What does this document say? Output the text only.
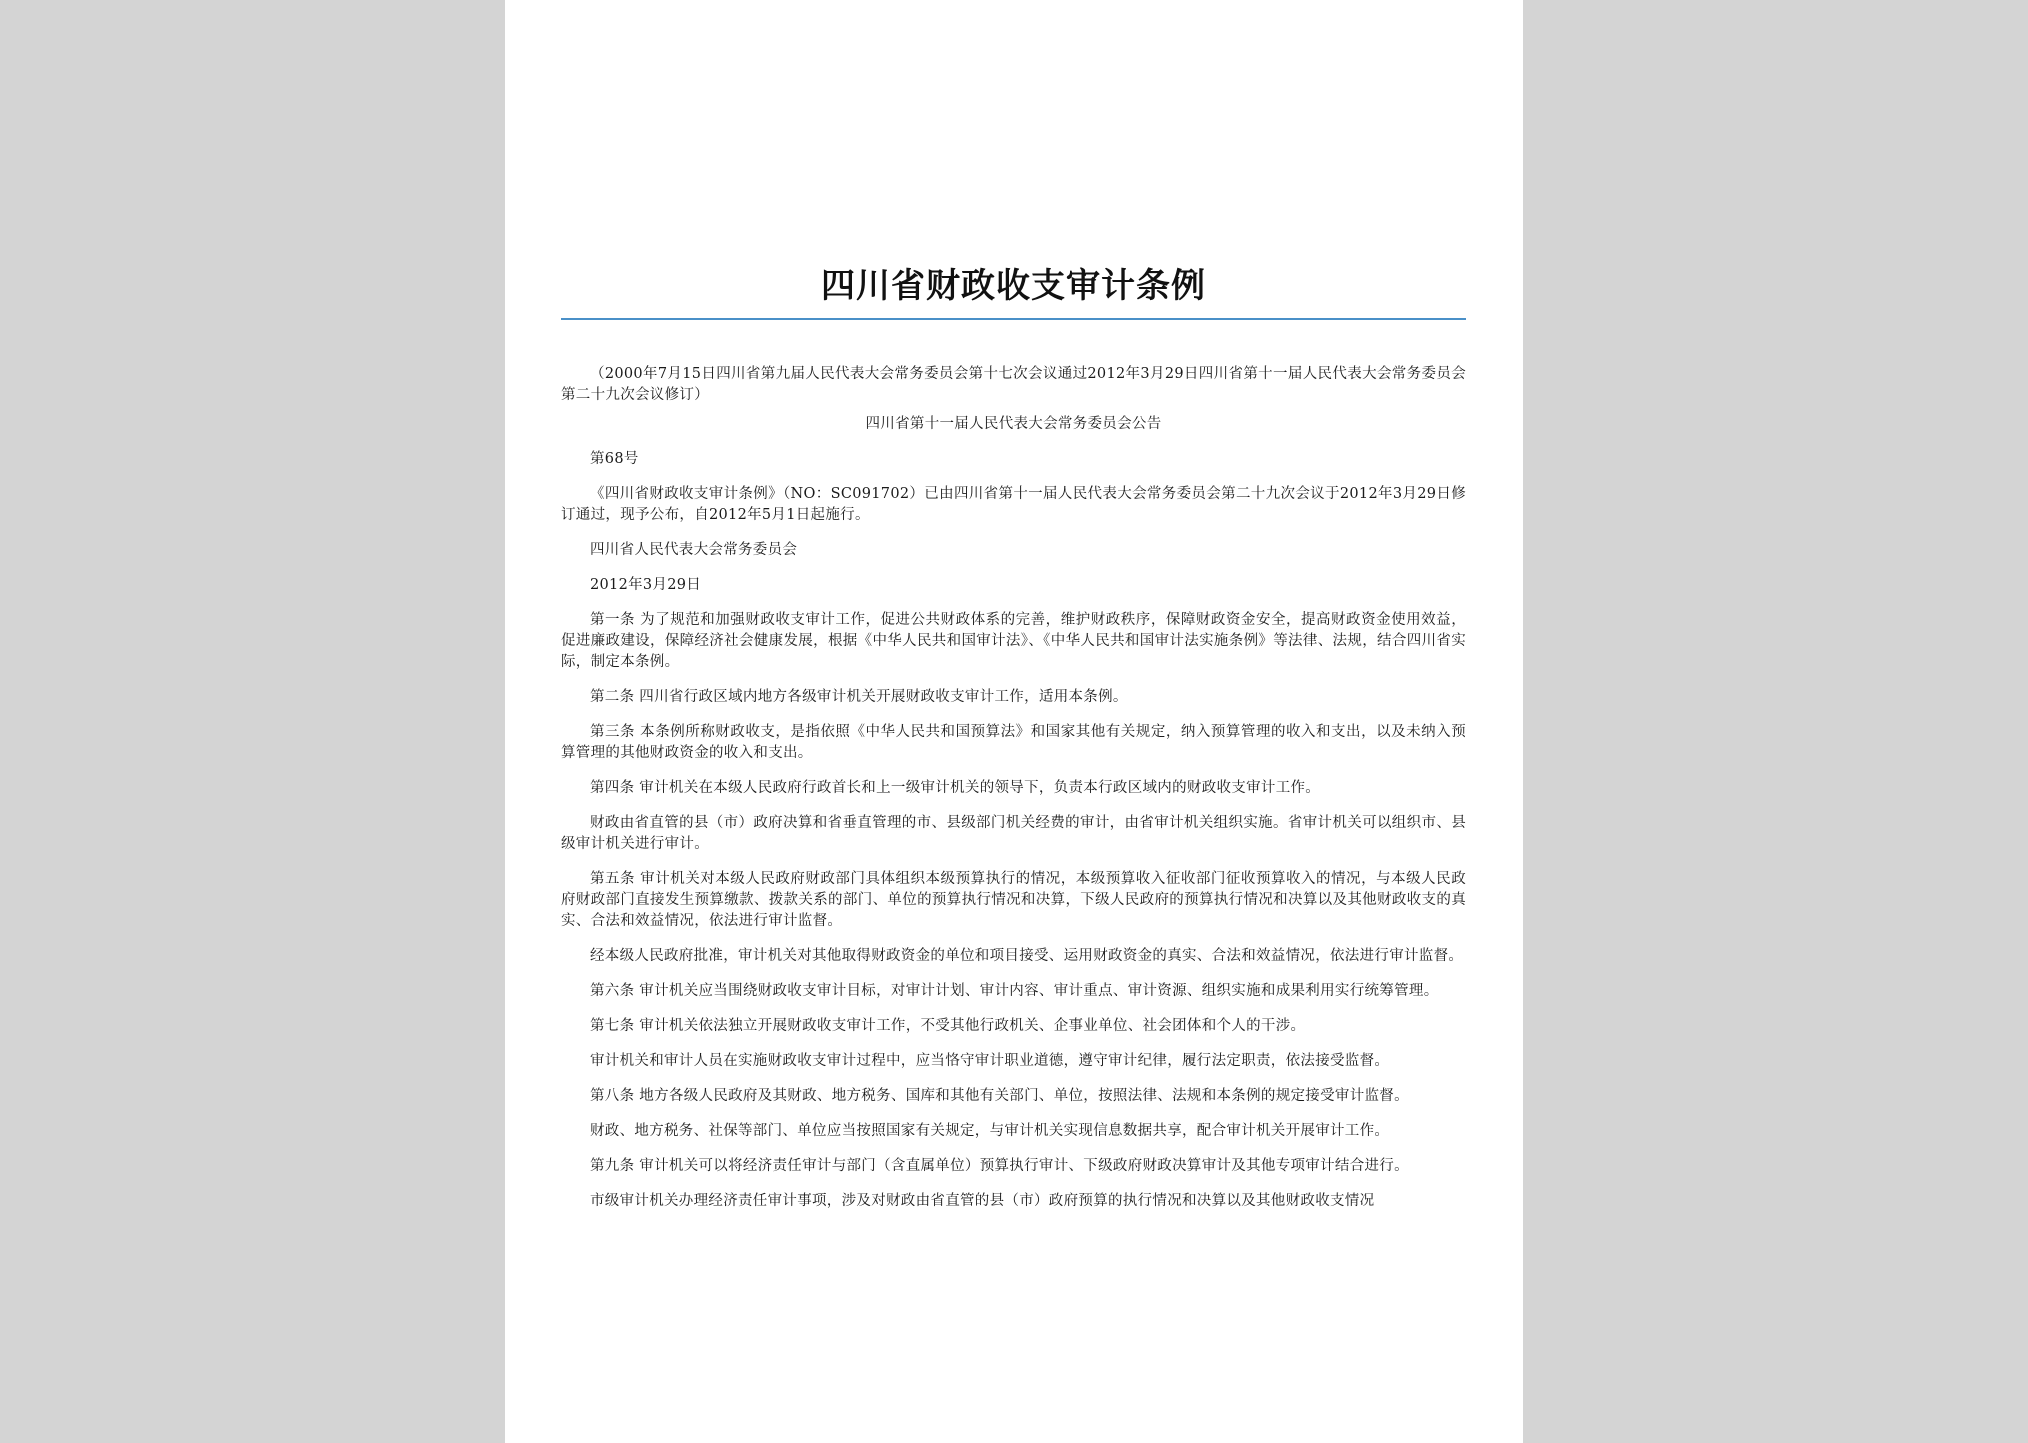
四川省财政收支审计条例

（2000年7月15日四川省第九届人民代表大会常务委员会第十七次会议通过2012年3月29日四川省第十一届人民代表大会常务委员会第二十九次会议修订）

四川省第十一届人民代表大会常务委员会公告

第68号

《四川省财政收支审计条例》（NO：SC091702）已由四川省第十一届人民代表大会常务委员会第二十九次会议于2012年3月29日修订通过，现予公布，自2012年5月1日起施行。

四川省人民代表大会常务委员会

2012年3月29日

第一条 为了规范和加强财政收支审计工作，促进公共财政体系的完善，维护财政秩序，保障财政资金安全，提高财政资金使用效益，促进廉政建设，保障经济社会健康发展，根据《中华人民共和国审计法》、《中华人民共和国审计法实施条例》等法律、法规，结合四川省实际，制定本条例。

第二条 四川省行政区域内地方各级审计机关开展财政收支审计工作，适用本条例。

第三条 本条例所称财政收支，是指依照《中华人民共和国预算法》和国家其他有关规定，纳入预算管理的收入和支出，以及未纳入预算管理的其他财政资金的收入和支出。

第四条 审计机关在本级人民政府行政首长和上一级审计机关的领导下，负责本行政区域内的财政收支审计工作。

财政由省直管的县（市）政府决算和省垂直管理的市、县级部门机关经费的审计，由省审计机关组织实施。省审计机关可以组织市、县级审计机关进行审计。

第五条 审计机关对本级人民政府财政部门具体组织本级预算执行的情况，本级预算收入征收部门征收预算收入的情况，与本级人民政府财政部门直接发生预算缴款、拨款关系的部门、单位的预算执行情况和决算，下级人民政府的预算执行情况和决算以及其他财政收支的真实、合法和效益情况，依法进行审计监督。

经本级人民政府批准，审计机关对其他取得财政资金的单位和项目接受、运用财政资金的真实、合法和效益情况，依法进行审计监督。

第六条 审计机关应当围绕财政收支审计目标，对审计计划、审计内容、审计重点、审计资源、组织实施和成果利用实行统筹管理。

第七条 审计机关依法独立开展财政收支审计工作，不受其他行政机关、企事业单位、社会团体和个人的干涉。

审计机关和审计人员在实施财政收支审计过程中，应当恪守审计职业道德，遵守审计纪律，履行法定职责，依法接受监督。

第八条 地方各级人民政府及其财政、地方税务、国库和其他有关部门、单位，按照法律、法规和本条例的规定接受审计监督。

财政、地方税务、社保等部门、单位应当按照国家有关规定，与审计机关实现信息数据共享，配合审计机关开展审计工作。

第九条 审计机关可以将经济责任审计与部门（含直属单位）预算执行审计、下级政府财政决算审计及其他专项审计结合进行。

市级审计机关办理经济责任审计事项，涉及对财政由省直管的县（市）政府预算的执行情况和决算以及其他财政收支情况
